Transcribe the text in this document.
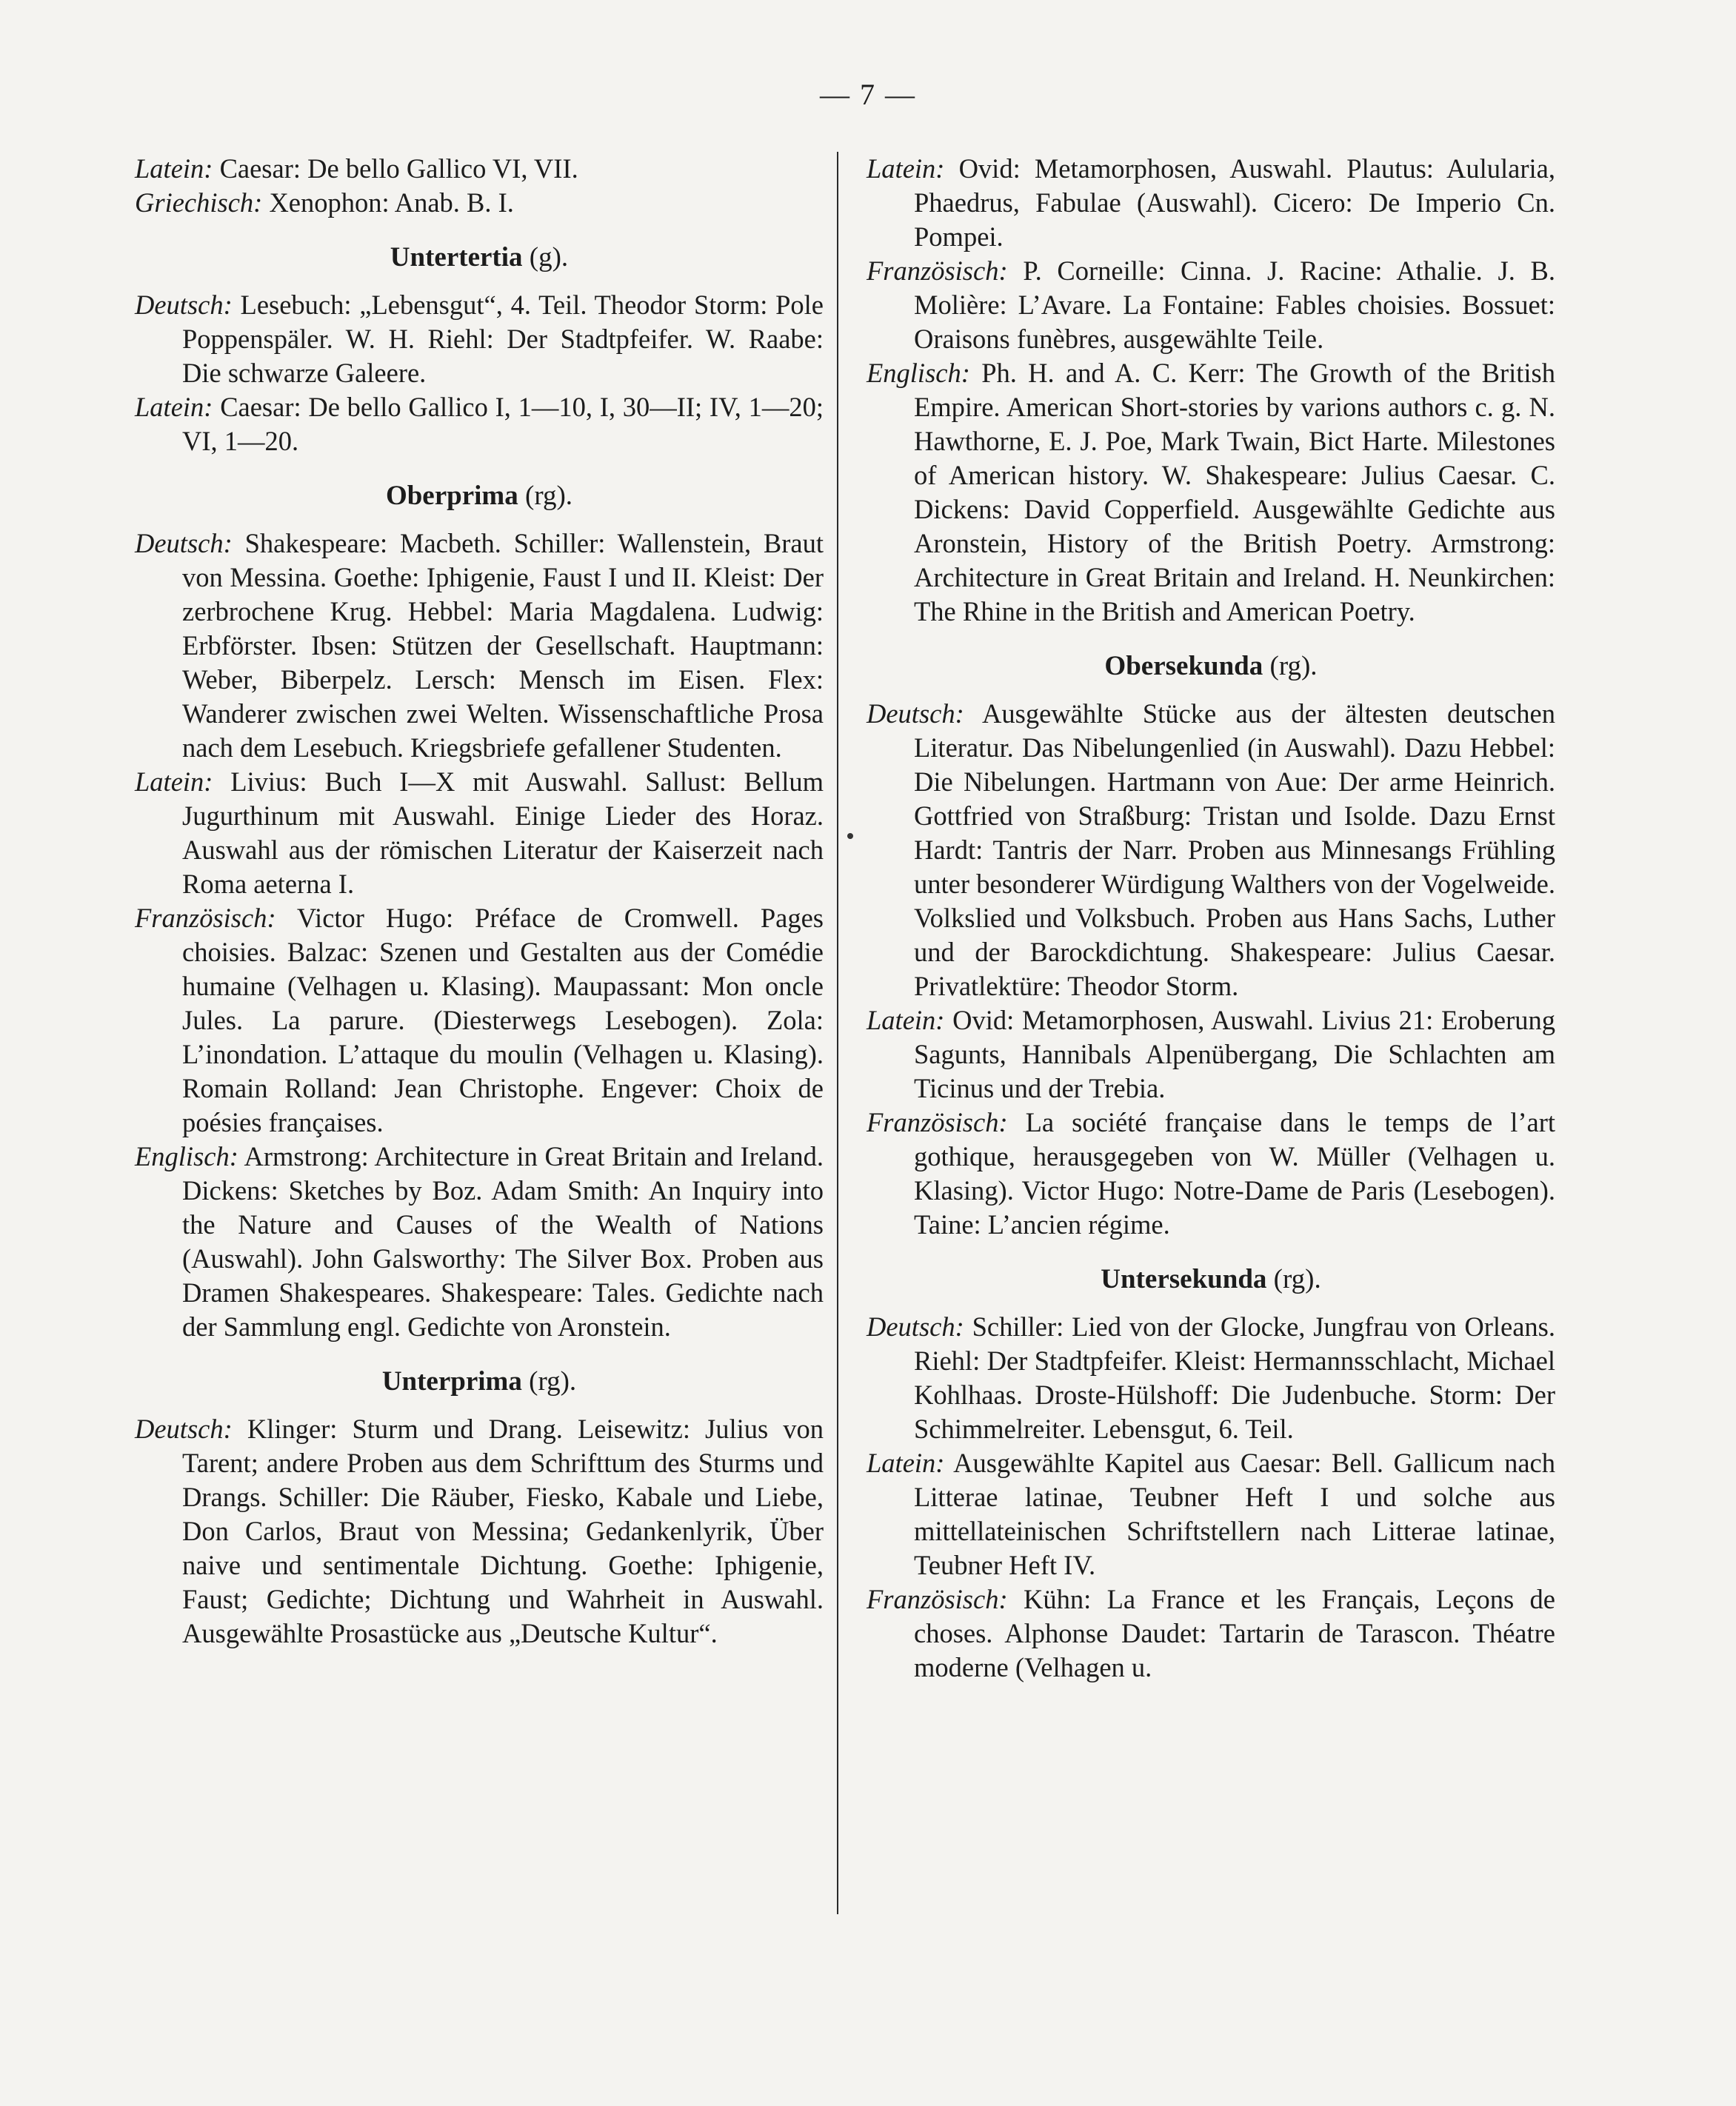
— 7 —

Latein: Caesar: De bello Gallico VI, VII.

Griechisch: Xenophon: Anab. B. I.

Untertertia (g).

Deutsch: Lesebuch: „Lebensgut“, 4. Teil. Theodor Storm: Pole Poppenspäler. W. H. Riehl: Der Stadtpfeifer. W. Raabe: Die schwarze Galeere.

Latein: Caesar: De bello Gallico I, 1—10, I, 30—II; IV, 1—20; VI, 1—20.

Oberprima (rg).

Deutsch: Shakespeare: Macbeth. Schiller: Wallenstein, Braut von Messina. Goethe: Iphigenie, Faust I und II. Kleist: Der zerbrochene Krug. Hebbel: Maria Magdalena. Ludwig: Erbförster. Ibsen: Stützen der Gesellschaft. Hauptmann: Weber, Biberpelz. Lersch: Mensch im Eisen. Flex: Wanderer zwischen zwei Welten. Wissenschaftliche Prosa nach dem Lesebuch. Kriegsbriefe gefallener Studenten.

Latein: Livius: Buch I—X mit Auswahl. Sallust: Bellum Jugurthinum mit Auswahl. Einige Lieder des Horaz. Auswahl aus der römischen Literatur der Kaiserzeit nach Roma aeterna I.

Französisch: Victor Hugo: Préface de Cromwell. Pages choisies. Balzac: Szenen und Gestalten aus der Comédie humaine (Velhagen u. Klasing). Maupassant: Mon oncle Jules. La parure. (Diesterwegs Lesebogen). Zola: L’inondation. L’attaque du moulin (Velhagen u. Klasing). Romain Rolland: Jean Christophe. Engever: Choix de poésies françaises.

Englisch: Armstrong: Architecture in Great Britain and Ireland. Dickens: Sketches by Boz. Adam Smith: An Inquiry into the Nature and Causes of the Wealth of Nations (Auswahl). John Galsworthy: The Silver Box. Proben aus Dramen Shakespeares. Shakespeare: Tales. Gedichte nach der Sammlung engl. Gedichte von Aronstein.

Unterprima (rg).

Deutsch: Klinger: Sturm und Drang. Leisewitz: Julius von Tarent; andere Proben aus dem Schrifttum des Sturms und Drangs. Schiller: Die Räuber, Fiesko, Kabale und Liebe, Don Carlos, Braut von Messina; Gedankenlyrik, Über naive und sentimentale Dichtung. Goethe: Iphigenie, Faust; Gedichte; Dichtung und Wahrheit in Auswahl. Ausgewählte Prosastücke aus „Deutsche Kultur“.

Latein: Ovid: Metamorphosen, Auswahl. Plautus: Aulularia, Phaedrus, Fabulae (Auswahl). Cicero: De Imperio Cn. Pompei.

Französisch: P. Corneille: Cinna. J. Racine: Athalie. J. B. Molière: L’Avare. La Fontaine: Fables choisies. Bossuet: Oraisons funèbres, ausgewählte Teile.

Englisch: Ph. H. and A. C. Kerr: The Growth of the British Empire. American Short-stories by varions authors c. g. N. Hawthorne, E. J. Poe, Mark Twain, Bict Harte. Milestones of American history. W. Shakespeare: Julius Caesar. C. Dickens: David Copperfield. Ausgewählte Gedichte aus Aronstein, History of the British Poetry. Armstrong: Architecture in Great Britain and Ireland. H. Neunkirchen: The Rhine in the British and American Poetry.

Obersekunda (rg).

Deutsch: Ausgewählte Stücke aus der ältesten deutschen Literatur. Das Nibelungenlied (in Auswahl). Dazu Hebbel: Die Nibelungen. Hartmann von Aue: Der arme Heinrich. Gottfried von Straßburg: Tristan und Isolde. Dazu Ernst Hardt: Tantris der Narr. Proben aus Minnesangs Frühling unter besonderer Würdigung Walthers von der Vogelweide. Volkslied und Volksbuch. Proben aus Hans Sachs, Luther und der Barockdichtung. Shakespeare: Julius Caesar. Privatlektüre: Theodor Storm.

Latein: Ovid: Metamorphosen, Auswahl. Livius 21: Eroberung Sagunts, Hannibals Alpenübergang, Die Schlachten am Ticinus und der Trebia.

Französisch: La société française dans le temps de l’art gothique, herausgegeben von W. Müller (Velhagen u. Klasing). Victor Hugo: Notre-Dame de Paris (Lesebogen). Taine: L’ancien régime.

Untersekunda (rg).

Deutsch: Schiller: Lied von der Glocke, Jungfrau von Orleans. Riehl: Der Stadtpfeifer. Kleist: Hermannsschlacht, Michael Kohlhaas. Droste-Hülshoff: Die Judenbuche. Storm: Der Schimmelreiter. Lebensgut, 6. Teil.

Latein: Ausgewählte Kapitel aus Caesar: Bell. Gallicum nach Litterae latinae, Teubner Heft I und solche aus mittellateinischen Schriftstellern nach Litterae latinae, Teubner Heft IV.

Französisch: Kühn: La France et les Français, Leçons de choses. Alphonse Daudet: Tartarin de Tarascon. Théatre moderne (Velhagen u.
